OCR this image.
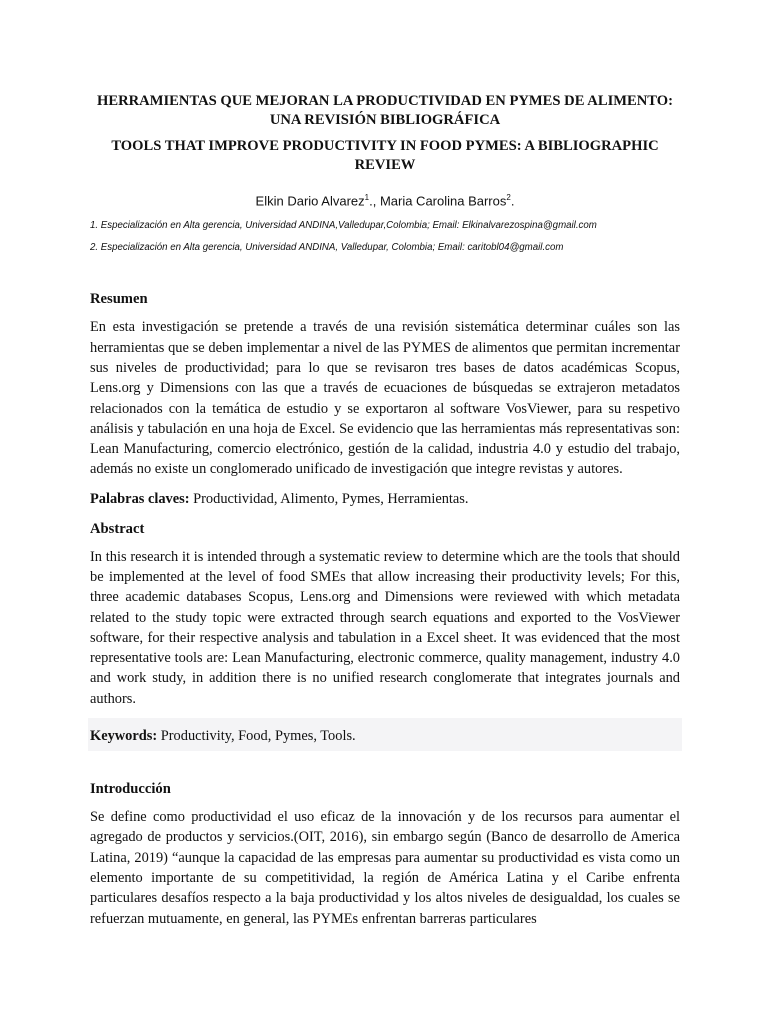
HERRAMIENTAS QUE MEJORAN LA PRODUCTIVIDAD EN PYMES DE ALIMENTO: UNA REVISIÓN BIBLIOGRÁFICA
TOOLS THAT IMPROVE PRODUCTIVITY IN FOOD PYMES: A BIBLIOGRAPHIC REVIEW

Elkin Dario Alvarez$^1$., Maria Carolina Barros$^2$.

1. Especialización en Alta gerencia, Universidad ANDINA,Valledupar,Colombia; Email: Elkinalvarezospina@gmail.com

2. Especialización en Alta gerencia, Universidad ANDINA, Valledupar, Colombia; Email: caritobl04@gmail.com

Resumen

En esta investigación se pretende a través de una revisión sistemática determinar cuáles son las herramientas que se deben implementar a nivel de las PYMES de alimentos que permitan incrementar sus niveles de productividad; para lo que se revisaron tres bases de datos académicas Scopus, Lens.org y Dimensions con las que a través de ecuaciones de búsquedas se extrajeron metadatos relacionados con la temática de estudio y se exportaron al software VosViewer, para su respetivo análisis y tabulación en una hoja de Excel. Se evidencio que las herramientas más representativas son: Lean Manufacturing, comercio electrónico, gestión de la calidad, industria 4.0 y estudio del trabajo, además no existe un conglomerado unificado de investigación que integre revistas y autores.

Palabras claves: Productividad, Alimento, Pymes, Herramientas.

Abstract

In this research it is intended through a systematic review to determine which are the tools that should be implemented at the level of food SMEs that allow increasing their productivity levels; For this, three academic databases Scopus, Lens.org and Dimensions were reviewed with which metadata related to the study topic were extracted through search equations and exported to the VosViewer software, for their respective analysis and tabulation in a Excel sheet. It was evidenced that the most representative tools are: Lean Manufacturing, electronic commerce, quality management, industry 4.0 and work study, in addition there is no unified research conglomerate that integrates journals and authors.

Keywords: Productivity, Food, Pymes, Tools.
Introducción

Se define como productividad el uso eficaz de la innovación y de los recursos para aumentar el agregado de productos y servicios.(OIT, 2016), sin embargo según (Banco de desarrollo de America Latina, 2019) “aunque la capacidad de las empresas para aumentar su productividad es vista como un elemento importante de su competitividad, la región de América Latina y el Caribe enfrenta particulares desafíos respecto a la baja productividad y los altos niveles de desigualdad, los cuales se refuerzan mutuamente, en general, las PYMEs enfrentan barreras particulares
